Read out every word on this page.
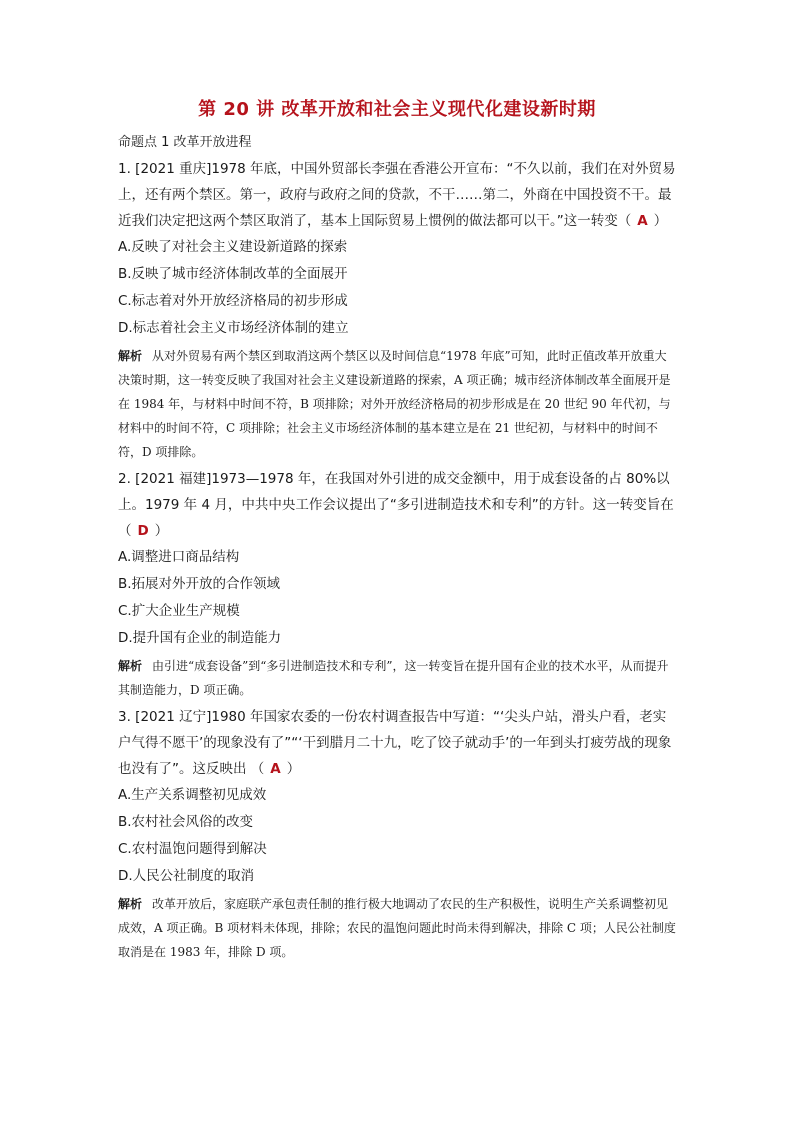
第 20 讲 改革开放和社会主义现代化建设新时期
命题点 1 改革开放进程
1. [2021 重庆]1978 年底，中国外贸部长李强在香港公开宣布：“不久以前，我们在对外贸易上，还有两个禁区。第一，政府与政府之间的贷款，不干……第二，外商在中国投资不干。最近我们决定把这两个禁区取消了，基本上国际贸易上惯例的做法都可以干。”这一转变（ A ）
A.反映了对社会主义建设新道路的探索
B.反映了城市经济体制改革的全面展开
C.标志着对外开放经济格局的初步形成
D.标志着社会主义市场经济体制的建立
解析 从对外贸易有两个禁区到取消这两个禁区以及时间信息“1978 年底”可知，此时正值改革开放重大决策时期，这一转变反映了我国对社会主义建设新道路的探索，A 项正确；城市经济体制改革全面展开是在 1984 年，与材料中时间不符，B 项排除；对外开放经济格局的初步形成是在 20 世纪 90 年代初，与材料中的时间不符，C 项排除；社会主义市场经济体制的基本建立是在 21 世纪初，与材料中的时间不符，D 项排除。
2. [2021 福建]1973—1978 年，在我国对外引进的成交金额中，用于成套设备的占 80%以上。1979 年 4 月，中共中央工作会议提出了“多引进制造技术和专利”的方针。这一转变旨在（ D ）
A.调整进口商品结构
B.拓展对外开放的合作领域
C.扩大企业生产规模
D.提升国有企业的制造能力
解析 由引进“成套设备”到“多引进制造技术和专利”，这一转变旨在提升国有企业的技术水平，从而提升其制造能力，D 项正确。
3. [2021 辽宁]1980 年国家农委的一份农村调查报告中写道：“‘尖头户站，滑头户看，老实户气得不愿干’的现象没有了”“‘干到腊月二十九，吃了饺子就动手’的一年到头打疲劳战的现象也没有了”。这反映出 （ A ）
A.生产关系调整初见成效
B.农村社会风俗的改变
C.农村温饱问题得到解决
D.人民公社制度的取消
解析 改革开放后，家庭联产承包责任制的推行极大地调动了农民的生产积极性，说明生产关系调整初见成效，A 项正确。B 项材料未体现，排除；农民的温饱问题此时尚未得到解决，排除 C 项；人民公社制度取消是在 1983 年，排除 D 项。
